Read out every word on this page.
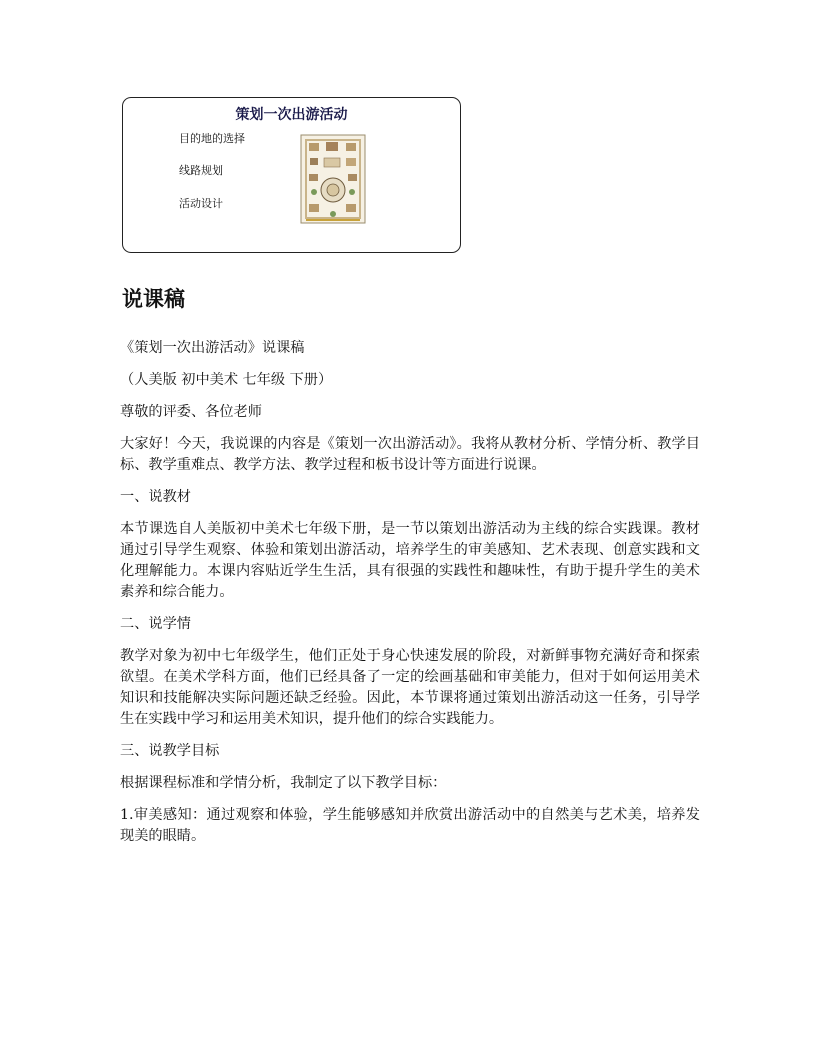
策划一次出游活动
目的地的选择
线路规划
活动设计
说课稿

《策划一次出游活动》说课稿

（人美版 初中美术 七年级 下册）

尊敬的评委、各位老师

大家好！今天，我说课的内容是《策划一次出游活动》。我将从教材分析、学情分析、教学目标、教学重难点、教学方法、教学过程和板书设计等方面进行说课。

一、说教材

本节课选自人美版初中美术七年级下册，是一节以策划出游活动为主线的综合实践课。教材通过引导学生观察、体验和策划出游活动，培养学生的审美感知、艺术表现、创意实践和文化理解能力。本课内容贴近学生生活，具有很强的实践性和趣味性，有助于提升学生的美术素养和综合能力。

二、说学情

教学对象为初中七年级学生，他们正处于身心快速发展的阶段，对新鲜事物充满好奇和探索欲望。在美术学科方面，他们已经具备了一定的绘画基础和审美能力，但对于如何运用美术知识和技能解决实际问题还缺乏经验。因此，本节课将通过策划出游活动这一任务，引导学生在实践中学习和运用美术知识，提升他们的综合实践能力。

三、说教学目标

根据课程标准和学情分析，我制定了以下教学目标：

1.审美感知：通过观察和体验，学生能够感知并欣赏出游活动中的自然美与艺术美，培养发现美的眼睛。
